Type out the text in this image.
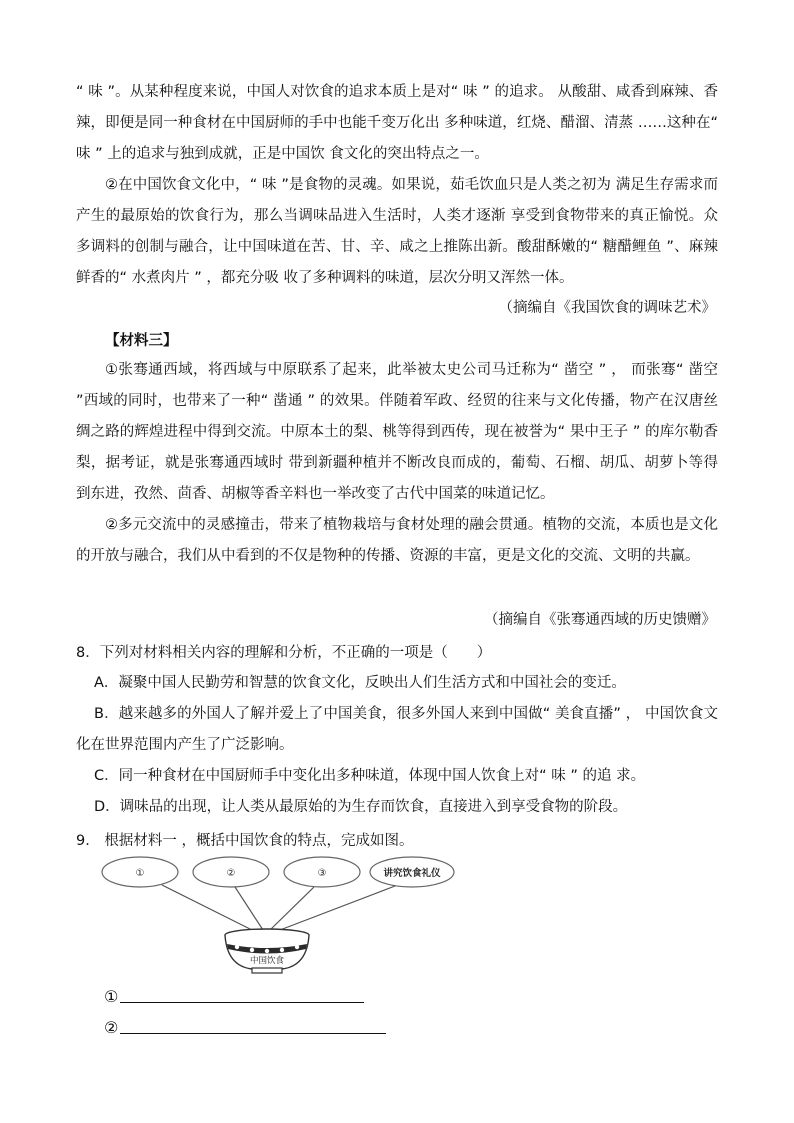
“ 味 ”。从某种程度来说，中国人对饮食的追求本质上是对“ 味 ” 的追求。 从酸甜、咸香到麻辣、香辣，即便是同一种食材在中国厨师的手中也能千变万化出 多种味道，红烧、醋溜、清蒸 ……这种在“ 味 ” 上的追求与独到成就，正是中国饮 食文化的突出特点之一。

②在中国饮食文化中，“ 味 ”是食物的灵魂。如果说，茹毛饮血只是人类之初为 满足生存需求而产生的最原始的饮食行为，那么当调味品进入生活时，人类才逐渐 享受到食物带来的真正愉悦。众多调料的创制与融合，让中国味道在苦、甘、辛、咸之上推陈出新。酸甜酥嫩的“ 糖醋鲤鱼 ”、麻辣鲜香的“ 水煮肉片 ” ，都充分吸 收了多种调料的味道，层次分明又浑然一体。

（摘编自《我国饮食的调味艺术》
【材料三】

①张骞通西域，将西域与中原联系了起来，此举被太史公司马迁称为“ 凿空 ” ， 而张骞“ 凿空 ”西域的同时，也带来了一种“ 凿通 ” 的效果。伴随着军政、经贸的往来与文化传播，物产在汉唐丝绸之路的辉煌进程中得到交流。中原本土的梨、桃等得到西传，现在被誉为“ 果中王子 ” 的库尔勒香梨，据考证，就是张骞通西域时 带到新疆种植并不断改良而成的，葡萄、石榴、胡瓜、胡萝卜等得到东进，孜然、茴香、胡椒等香辛料也一举改变了古代中国菜的味道记忆。

②多元交流中的灵感撞击，带来了植物栽培与食材处理的融会贯通。植物的交流，本质也是文化的开放与融合，我们从中看到的不仅是物种的传播、资源的丰富，更是文化的交流、文明的共赢。

（摘编自《张骞通西域的历史馈赠》
8．下列对材料相关内容的理解和分析，不正确的一项是（　　）
A．凝聚中国人民勤劳和智慧的饮食文化，反映出人们生活方式和中国社会的变迁。
B．越来越多的外国人了解并爱上了中国美食，很多外国人来到中国做“ 美食直播” ， 中国饮食文化在世界范围内产生了广泛影响。
C．同一种食材在中国厨师手中变化出多种味道，体现中国人饮食上对“ 味 ” 的追 求。
D．调味品的出现，让人类从最原始的为生存而饮食，直接进入到享受食物的阶段。
9． 根据材料一 ，概括中国饮食的特点，完成如图。
①	②	③	讲究饮食礼仪
中国饮食
①
②
